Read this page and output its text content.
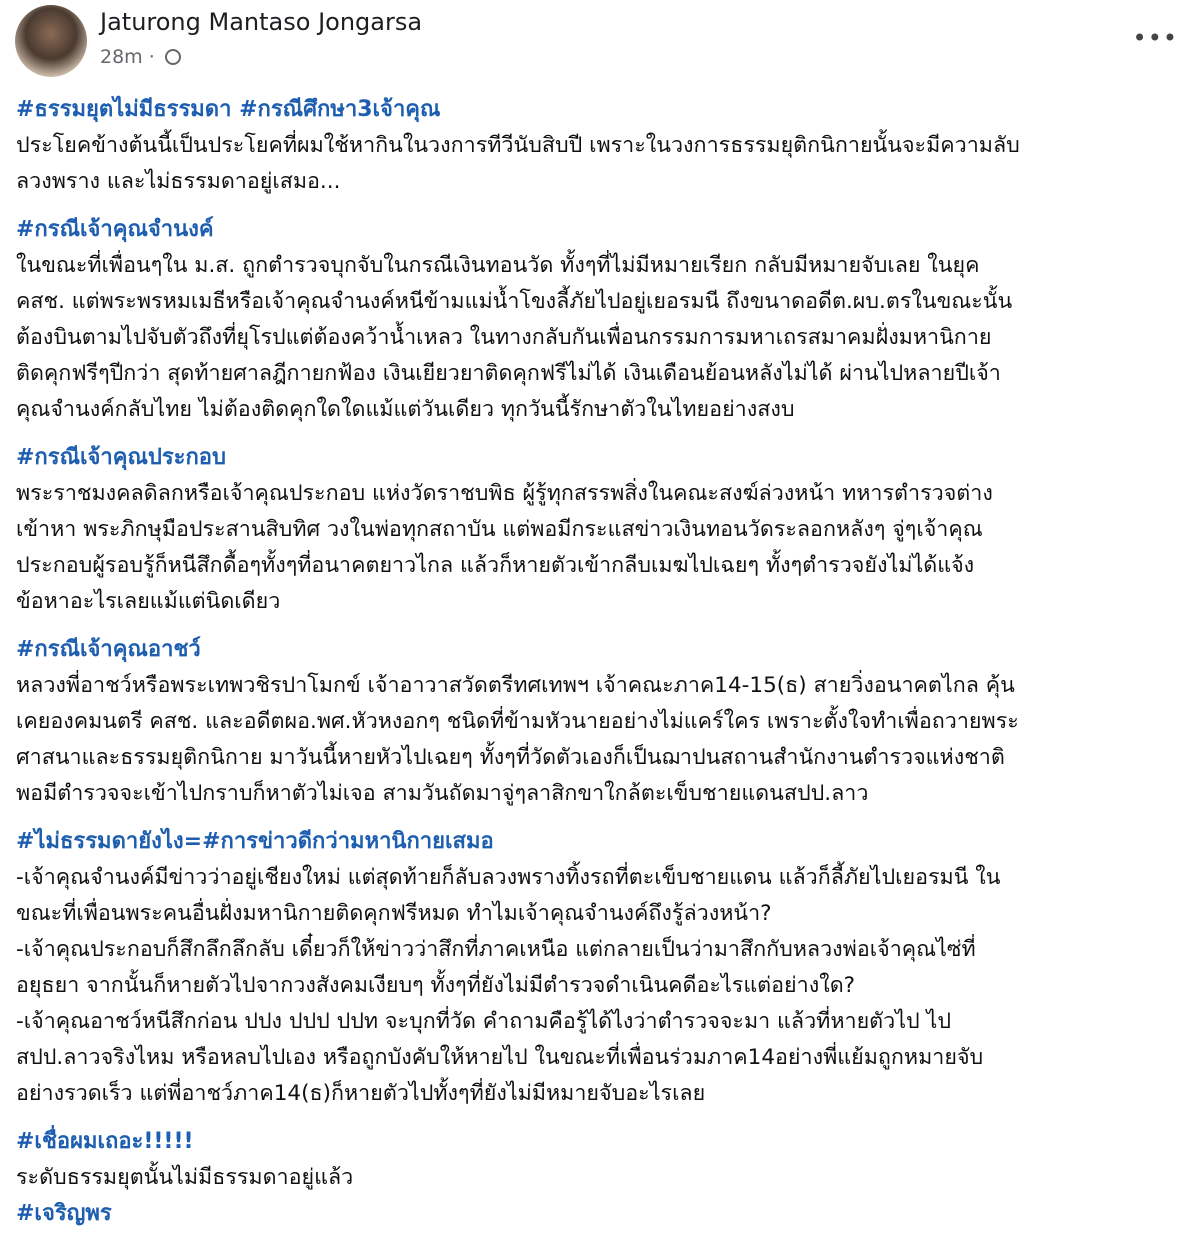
Jaturong Mantaso Jongarsa
28m ·
•••
#ธรรมยุตไม่มีธรรมดา #กรณีศึกษา3เจ้าคุณ
ประโยคข้างต้นนี้เป็นประโยคที่ผมใช้หากินในวงการทีวีนับสิบปี เพราะในวงการธรรมยุติกนิกายนั้นจะมีความลับ
ลวงพราง และไม่ธรรมดาอยู่เสมอ...
#กรณีเจ้าคุณจำนงค์
ในขณะที่เพื่อนๆใน ม.ส. ถูกตำรวจบุกจับในกรณีเงินทอนวัด ทั้งๆที่ไม่มีหมายเรียก กลับมีหมายจับเลย ในยุค
คสช. แต่พระพรหมเมธีหรือเจ้าคุณจำนงค์หนีข้ามแม่น้ำโขงลี้ภัยไปอยู่เยอรมนี ถึงขนาดอดีต.ผบ.ตรในขณะนั้น
ต้องบินตามไปจับตัวถึงที่ยุโรปแต่ต้องคว้าน้ำเหลว ในทางกลับกันเพื่อนกรรมการมหาเถรสมาคมฝั่งมหานิกาย
ติดคุกฟรีๆปีกว่า สุดท้ายศาลฎีกายกฟ้อง เงินเยียวยาติดคุกฟรีไม่ได้ เงินเดือนย้อนหลังไม่ได้ ผ่านไปหลายปีเจ้า
คุณจำนงค์กลับไทย ไม่ต้องติดคุกใดใดแม้แต่วันเดียว ทุกวันนี้รักษาตัวในไทยอย่างสงบ
#กรณีเจ้าคุณประกอบ
พระราชมงคลดิลกหรือเจ้าคุณประกอบ แห่งวัดราชบพิธ ผู้รู้ทุกสรรพสิ่งในคณะสงฆ์ล่วงหน้า ทหารตำรวจต่าง
เข้าหา พระภิกษุมือประสานสิบทิศ วงในพ่อทุกสถาบัน แต่พอมีกระแสข่าวเงินทอนวัดระลอกหลังๆ จู่ๆเจ้าคุณ
ประกอบผู้รอบรู้ก็หนีสึกดื้อๆทั้งๆที่อนาคตยาวไกล แล้วก็หายตัวเข้ากลีบเมฆไปเฉยๆ ทั้งๆตำรวจยังไม่ได้แจ้ง
ข้อหาอะไรเลยแม้แต่นิดเดียว
#กรณีเจ้าคุณอาชว์
หลวงพี่อาชว์หรือพระเทพวชิรปาโมกข์ เจ้าอาวาสวัดตรีทศเทพฯ เจ้าคณะภาค14-15(ธ) สายวิ่งอนาคตไกล คุ้น
เคยองคมนตรี คสช. และอดีตผอ.พศ.หัวหงอกๆ ชนิดที่ข้ามหัวนายอย่างไม่แคร์ใคร เพราะตั้งใจทำเพื่อถวายพระ
ศาสนาและธรรมยุติกนิกาย มาวันนี้หายหัวไปเฉยๆ ทั้งๆที่วัดตัวเองก็เป็นฌาปนสถานสำนักงานตำรวจแห่งชาติ
พอมีตำรวจจะเข้าไปกราบก็หาตัวไม่เจอ สามวันถัดมาจู่ๆลาสิกขาใกล้ตะเข็บชายแดนสปป.ลาว
#ไม่ธรรมดายังไง=#การข่าวดีกว่ามหานิกายเสมอ
-เจ้าคุณจำนงค์มีข่าวว่าอยู่เชียงใหม่ แต่สุดท้ายก็ลับลวงพรางทิ้งรถที่ตะเข็บชายแดน แล้วก็ลี้ภัยไปเยอรมนี ใน
ขณะที่เพื่อนพระคนอื่นฝั่งมหานิกายติดคุกฟรีหมด ทำไมเจ้าคุณจำนงค์ถึงรู้ล่วงหน้า?
-เจ้าคุณประกอบก็สึกลึกลึกลับ เดี๋ยวก็ให้ข่าวว่าสึกที่ภาคเหนือ แต่กลายเป็นว่ามาสึกกับหลวงพ่อเจ้าคุณไซ่ที่
อยุธยา จากนั้นก็หายตัวไปจากวงสังคมเงียบๆ ทั้งๆที่ยังไม่มีตำรวจดำเนินคดีอะไรแต่อย่างใด?
-เจ้าคุณอาชว์หนีสึกก่อน ปปง ปปป ปปท จะบุกที่วัด คำถามคือรู้ได้ไงว่าตำรวจจะมา แล้วที่หายตัวไป ไป
สปป.ลาวจริงไหม หรือหลบไปเอง หรือถูกบังคับให้หายไป ในขณะที่เพื่อนร่วมภาค14อย่างพี่แย้มถูกหมายจับ
อย่างรวดเร็ว แต่พี่อาชว์ภาค14(ธ)ก็หายตัวไปทั้งๆที่ยังไม่มีหมายจับอะไรเลย
#เชื่อผมเถอะ!!!!!
ระดับธรรมยุตนั้นไม่มีธรรมดาอยู่แล้ว
#เจริญพร
